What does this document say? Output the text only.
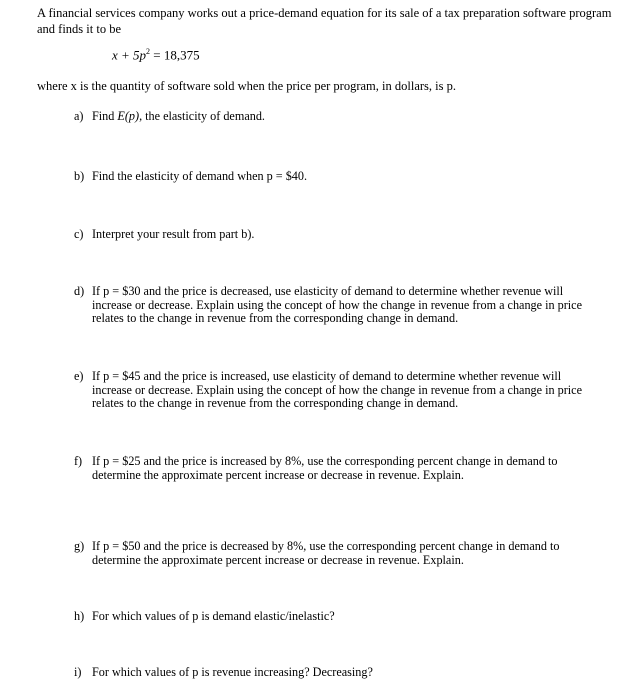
A financial services company works out a price-demand equation for its sale of a tax preparation software program and finds it to be
$x + 5p^2 = 18,375$
where x is the quantity of software sold when the price per program, in dollars, is p.
a) Find E(p), the elasticity of demand.
b) Find the elasticity of demand when p = $40.
c) Interpret your result from part b).
d) If p = $30 and the price is decreased, use elasticity of demand to determine whether revenue will increase or decrease. Explain using the concept of how the change in revenue from a change in price relates to the change in revenue from the corresponding change in demand.
e) If p = $45 and the price is increased, use elasticity of demand to determine whether revenue will increase or decrease. Explain using the concept of how the change in revenue from a change in price relates to the change in revenue from the corresponding change in demand.
f) If p = $25 and the price is increased by 8%, use the corresponding percent change in demand to determine the approximate percent increase or decrease in revenue. Explain.
g) If p = $50 and the price is decreased by 8%, use the corresponding percent change in demand to determine the approximate percent increase or decrease in revenue. Explain.
h) For which values of p is demand elastic/inelastic?
i) For which values of p is revenue increasing? Decreasing?
